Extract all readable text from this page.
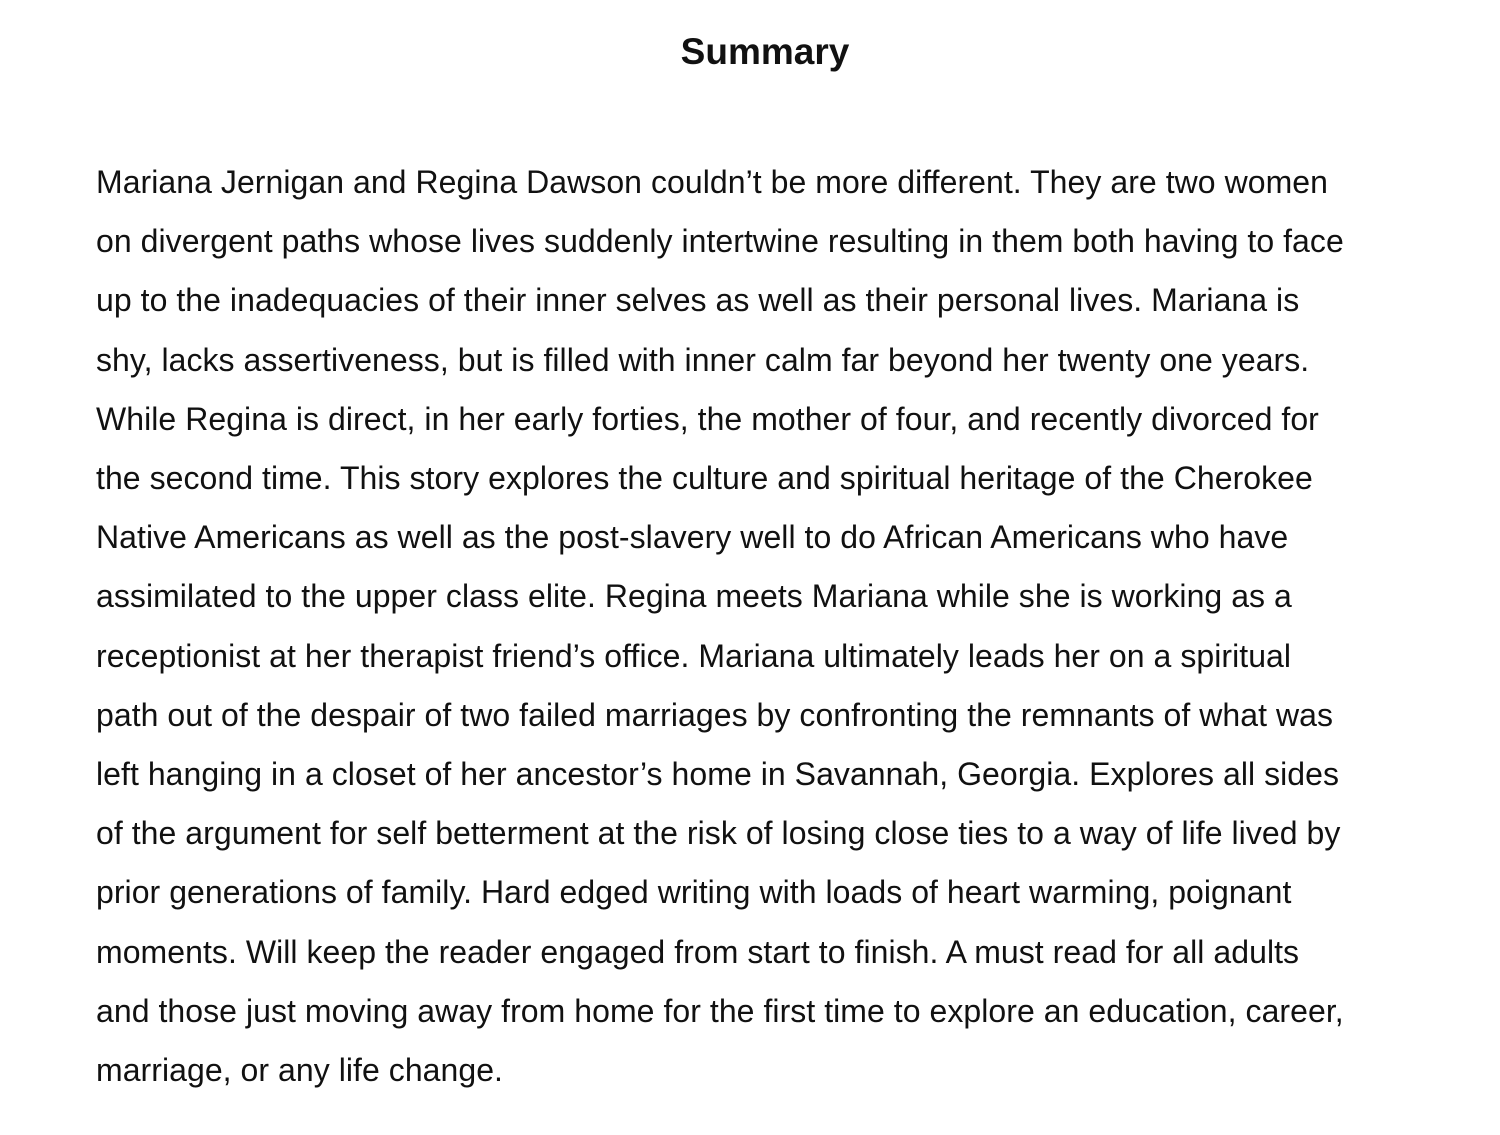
Summary
Mariana Jernigan and Regina Dawson couldn’t be more different. They are two women
on divergent paths whose lives suddenly intertwine resulting in them both having to face
up to the inadequacies of their inner selves as well as their personal lives. Mariana is
shy, lacks assertiveness, but is filled with inner calm far beyond her twenty one years.
While Regina is direct, in her early forties, the mother of four, and recently divorced for
the second time. This story explores the culture and spiritual heritage of the Cherokee
Native Americans as well as the post-slavery well to do African Americans who have
assimilated to the upper class elite. Regina meets Mariana while she is working as a
receptionist at her therapist friend’s office. Mariana ultimately leads her on a spiritual
path out of the despair of two failed marriages by confronting the remnants of what was
left hanging in a closet of her ancestor’s home in Savannah, Georgia. Explores all sides
of the argument for self betterment at the risk of losing close ties to a way of life lived by
prior generations of family. Hard edged writing with loads of heart warming, poignant
moments. Will keep the reader engaged from start to finish. A must read for all adults
and those just moving away from home for the first time to explore an education, career,
marriage, or any life change.
